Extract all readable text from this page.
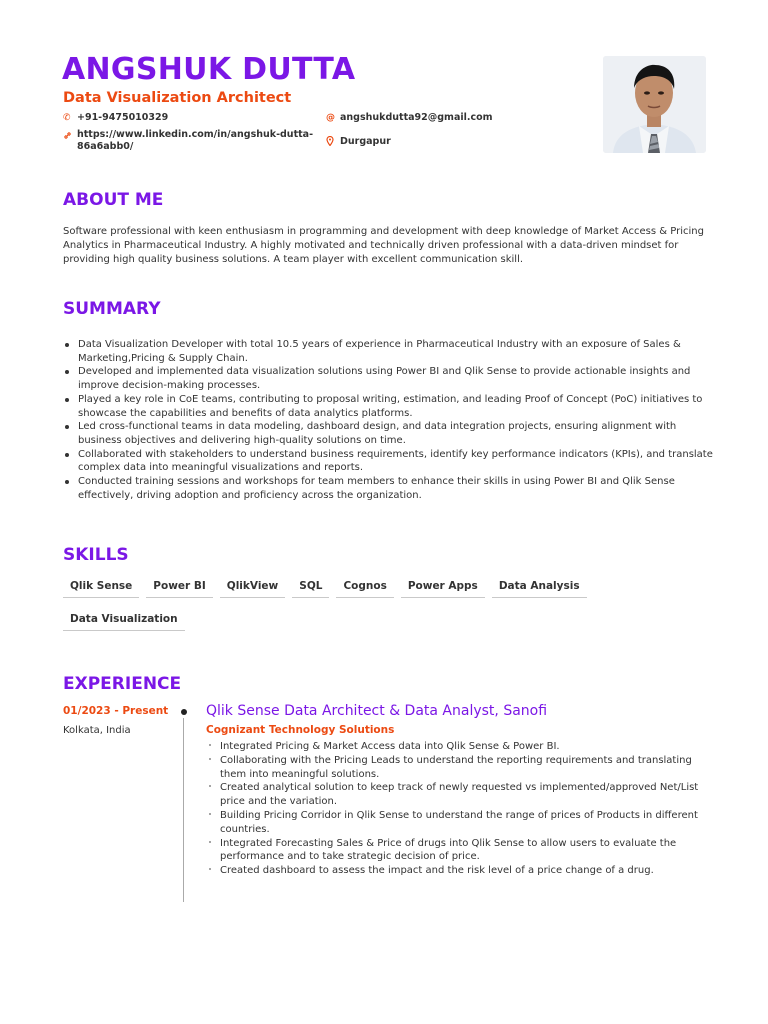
ANGSHUK DUTTA
Data Visualization Architect
✆ +91-9475010329
https://www.linkedin.com/in/angshuk-dutta-86a6abb0/
@ angshukdutta92@gmail.com
Durgapur
ABOUT ME
Software professional with keen enthusiasm in programming and development with deep knowledge of Market Access & Pricing Analytics in Pharmaceutical Industry. A highly motivated and technically driven professional with a data-driven mindset for providing high quality business solutions. A team player with excellent communication skill.
SUMMARY
Data Visualization Developer with total 10.5 years of experience in Pharmaceutical Industry with an exposure of Sales & Marketing,Pricing & Supply Chain.
Developed and implemented data visualization solutions using Power BI and Qlik Sense to provide actionable insights and improve decision-making processes.
Played a key role in CoE teams, contributing to proposal writing, estimation, and leading Proof of Concept (PoC) initiatives to showcase the capabilities and benefits of data analytics platforms.
Led cross-functional teams in data modeling, dashboard design, and data integration projects, ensuring alignment with business objectives and delivering high-quality solutions on time.
Collaborated with stakeholders to understand business requirements, identify key performance indicators (KPIs), and translate complex data into meaningful visualizations and reports.
Conducted training sessions and workshops for team members to enhance their skills in using Power BI and Qlik Sense effectively, driving adoption and proficiency across the organization.
SKILLS
Qlik Sense	Power BI	QlikView	SQL	Cognos	Power Apps	Data Analysis
Data Visualization
EXPERIENCE
01/2023 - Present
Kolkata, India
Qlik Sense Data Architect & Data Analyst, Sanofi
Cognizant Technology Solutions
Integrated Pricing & Market Access data into Qlik Sense & Power BI.
Collaborating with the Pricing Leads to understand the reporting requirements and translating them into meaningful solutions.
Created analytical solution to keep track of newly requested vs implemented/approved Net/List price and the variation.
Building Pricing Corridor in Qlik Sense to understand the range of prices of Products in different countries.
Integrated Forecasting Sales & Price of drugs into Qlik Sense to allow users to evaluate the performance and to take strategic decision of price.
Created dashboard to assess the impact and the risk level of a price change of a drug.
